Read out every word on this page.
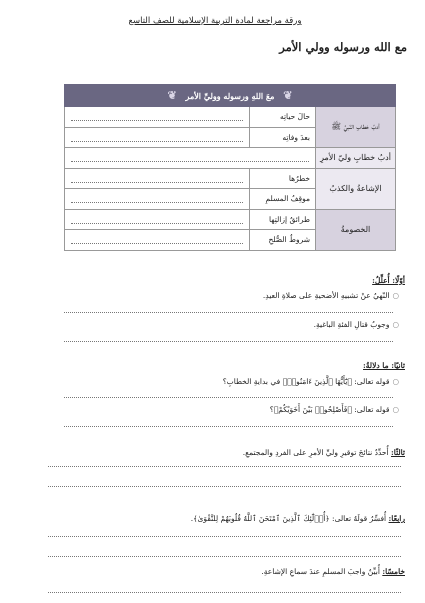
ورقة مراجعة لمادة التربية الإسلامية للصف التاسع
مع الله ورسوله وولي الأمر
❦ معَ اللهِ ورسوله ووليِّ الأمر ❦		
أدبُ خطابِ النّبيِّ ﷺ	حالَ حياتِه	

	بعدَ وفاتِه	

أدبُ خطابِ وليّ الأمرِ		

الإشاعةُ والكذبُ	خطرُها	

	موقِفُ المسلمِ	

الخصومةُ	طرائقُ إزالتِها	

	شروطُ الصُّلحِ	
أوّلًا: أُعلِّلُ:
○النّهيُ عنْ تشبيهِ الأضحيةِ على صلاةِ العيدِ.
○وجوبُ قتالِ الفئةِ الباغيةِ.
ثانيًا: ما دلالةُ:
○قوله تعالى: ﴿يَٰٓأَيُّهَا ٱلَّذِينَ ءَامَنُوا۟﴾ في بدايةِ الخطابِ؟
○قوله تعالى: ﴿فَأَصْلِحُوا۟ بَيْنَ أَخَوَيْكُمْ﴾؟
ثالثًا: أُحدِّدُ نتائجَ توقيرِ وليِّ الأمرِ على الفردِ والمجتمعِ.
رابعًا: أُفسِّرُ قولَهُ تعالى: ﴿أُو۟لَٰٓئِكَ ٱلَّذِينَ ٱمْتَحَنَ ٱللَّهُ قُلُوبَهُمْ لِلتَّقْوَىٰ﴾.
خامسًا: أُبيِّنُ واجبَ المسلمِ عندَ سماعِ الإشاعةِ.
